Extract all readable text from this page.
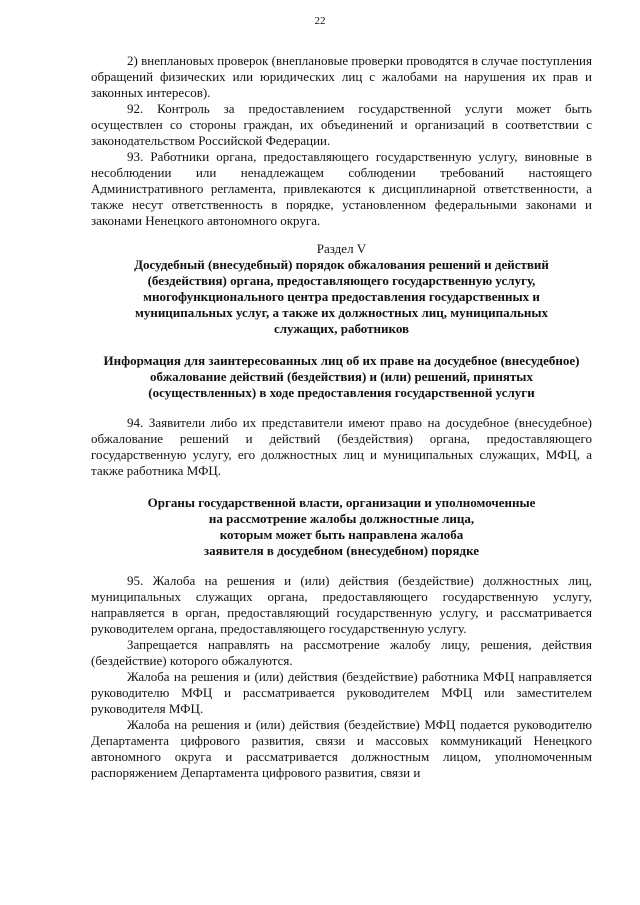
22

2) внеплановых проверок (внеплановые проверки проводятся в случае поступления обращений физических или юридических лиц с жалобами на нарушения их прав и законных интересов).

92. Контроль за предоставлением государственной услуги может быть осуществлен со стороны граждан, их объединений и организаций в соответствии с законодательством Российской Федерации.

93. Работники органа, предоставляющего государственную услугу, виновные в несоблюдении или ненадлежащем соблюдении требований настоящего Административного регламента, привлекаются к дисциплинарной ответственности, а также несут ответственность в порядке, установленном федеральными законами и законами Ненецкого автономного округа.

Раздел V

Досудебный (внесудебный) порядок обжалования решений и действий (бездействия) органа, предоставляющего государственную услугу, многофункционального центра предоставления государственных и муниципальных услуг, а также их должностных лиц, муниципальных служащих, работников

Информация для заинтересованных лиц об их праве на досудебное (внесудебное) обжалование действий (бездействия) и (или) решений, принятых (осуществленных) в ходе предоставления государственной услуги

94. Заявители либо их представители имеют право на досудебное (внесудебное) обжалование решений и действий (бездействия) органа, предоставляющего государственную услугу, его должностных лиц и муниципальных служащих, МФЦ, а также работника МФЦ.

Органы государственной власти, организации и уполномоченные

на рассмотрение жалобы должностные лица,

которым может быть направлена жалоба

заявителя в досудебном (внесудебном) порядке

95. Жалоба на решения и (или) действия (бездействие) должностных лиц, муниципальных служащих органа, предоставляющего государственную услугу, направляется в орган, предоставляющий государственную услугу, и рассматривается руководителем органа, предоставляющего государственную услугу.

Запрещается направлять на рассмотрение жалобу лицу, решения, действия (бездействие) которого обжалуются.

Жалоба на решения и (или) действия (бездействие) работника МФЦ направляется руководителю МФЦ и рассматривается руководителем МФЦ или заместителем руководителя МФЦ.

Жалоба на решения и (или) действия (бездействие) МФЦ подается руководителю Департамента цифрового развития, связи и массовых коммуникаций Ненецкого автономного округа и рассматривается должностным лицом, уполномоченным распоряжением Департамента цифрового развития, связи и
